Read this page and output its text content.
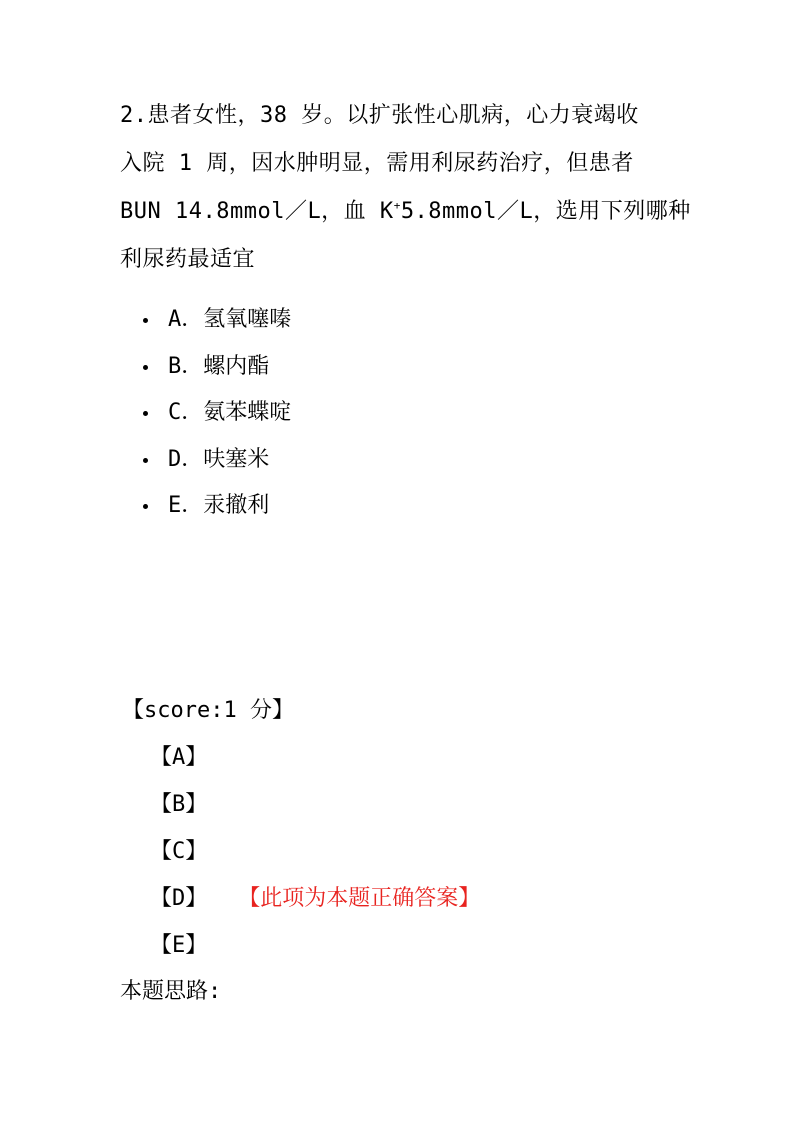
2.患者女性，38 岁。以扩张性心肌病，心力衰竭收

入院 1 周，因水肿明显，需用利尿药治疗，但患者

BUN 14.8mmol／L，血 K+5.8mmol／L，选用下列哪种

利尿药最适宜

A．氢氧噻嗪
B．螺内酯
C．氨苯蝶啶
D．呋塞米
E．汞撤利
【score:1 分】
【A】
【B】
【C】
【D】 【此项为本题正确答案】
【E】
本题思路:
